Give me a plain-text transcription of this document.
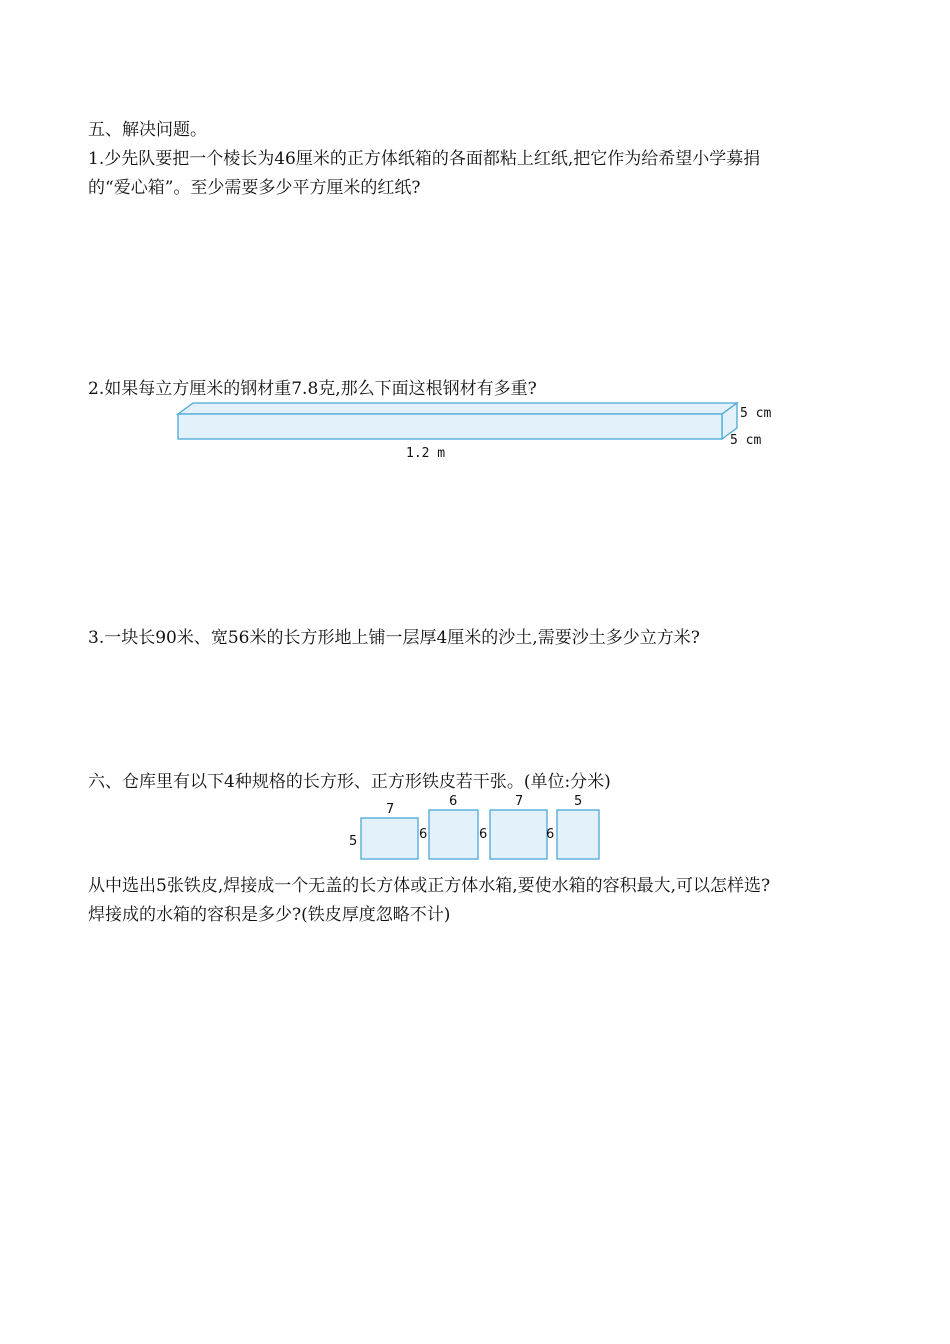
五、解决问题。
1.少先队要把一个棱长为46厘米的正方体纸箱的各面都粘上红纸,把它作为给希望小学募捐
的“爱心箱”。至少需要多少平方厘米的红纸?
2.如果每立方厘米的钢材重7.8克,那么下面这根钢材有多重?
5 cm
5 cm
1.2 m
3.一块长90米、宽56米的长方形地上铺一层厚4厘米的沙土,需要沙土多少立方米?
六、仓库里有以下4种规格的长方形、正方形铁皮若干张。(单位:分米)
7
5
6
6
7
6
5
6
从中选出5张铁皮,焊接成一个无盖的长方体或正方体水箱,要使水箱的容积最大,可以怎样选?
焊接成的水箱的容积是多少?(铁皮厚度忽略不计)
